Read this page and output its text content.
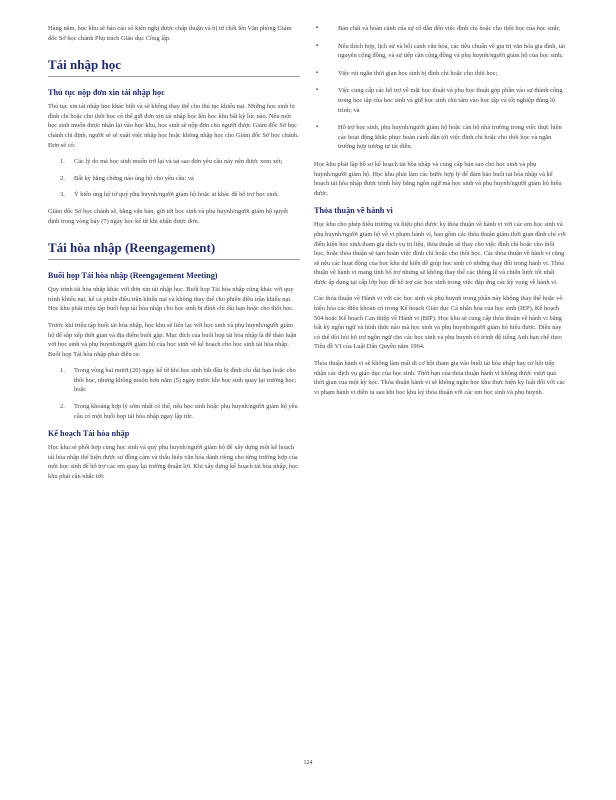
Hàng năm, học khu sẽ báo cáo số kiến nghị được chấp thuận và bị từ chối lên Văn phòng Giám đốc Sở học chánh Phụ trách Giáo dục Công lập.

Tái nhập học
Thủ tục nộp đơn xin tái nhập học

Thủ tục xin tái nhập học khác biệt và sẽ không thay thế cho thủ tục khiếu nại. Những học sinh bị đình chỉ hoặc cho thôi học có thể gửi đơn xin tái nhập học lên học khu bất kỳ lúc nào. Nếu một học sinh muốn được nhận lại vào học khu, học sinh sẽ nộp đơn cho người được Giám đốc Sở học chánh chỉ định, người sẽ sẽ xuất việc nhập học hoặc không nhập học cho Giám đốc Sở học chánh. Đơn sẽ có:

1. Các lý do mà học sinh muốn trở lại và tại sao đơn yêu cầu này nên được xem xét;
2. Bất kỳ bằng chứng nào ủng hộ cho yêu cầu; và
3. Ý kiến ủng hộ từ quý phụ huynh/người giám hộ hoặc ai khác để hỗ trợ học sinh.

Giám đốc Sở học chánh sẽ, bằng văn bản, gửi tới học sinh và phụ huynh/người giám hộ quyết định trong vòng bảy (7) ngày học kể từ khi nhận được đơn.

Tái hòa nhập (Reengagement)
Buổi họp Tái hòa nhập (Reengagement Meeting)

Quy trình tái hòa nhập khác với đơn xin tái nhập học. Buổi họp Tái hòa nhập cũng khác với quy trình khiếu nại, kể cả phiên điều trần khiếu nại và không thay thế cho phiên điều trần khiếu nại. Học khu phải triệu tập buổi họp tái hòa nhập cho học sinh bị đình chỉ dài hạn hoặc cho thôi học.

Trước khi triệu tập buổi tái hòa nhập, học khu sẽ liên lạc với học sinh và phụ huynh/người giám hộ để sắp xếp thời gian và địa điểm buổi gặp. Mục đích của buổi họp tái hòa nhập là để thảo luận với học sinh và phụ huynh/người giám hộ của học sinh về kế hoạch cho học sinh tái hòa nhập. Buổi họp Tái hòa nhập phải diễn ra:

1. Trong vòng hai mươi (20) ngày kể từ khi học sinh bắt đầu bị đình chỉ dài hạn hoặc cho thôi học, nhưng không muộn hơn năm (5) ngày trước khi học sinh quay lại trường học; hoặc
2. Trong khoảng hợp lý sớm nhất có thể, nếu học sinh hoặc phụ huynh/người giám hộ yêu cầu có một buổi họp tái hòa nhập ngay lập tức.
Kế hoạch Tái hòa nhập

Học khu sẽ phối hợp cùng học sinh và quý phụ huynh/người giám hộ để xây dựng một kế hoạch tái hòa nhập thể hiện được sự đồng cảm và thấu hiểu văn hóa dành riêng cho từng trường hợp của mỗi học sinh để hỗ trợ các em quay lại trường thuận lợi. Khi xây dựng kế hoạch tái hòa nhập, học khu phải cân nhắc tới:

▪	Bản chất và hoàn cảnh của sự cố dẫn đến việc đình chỉ hoặc cho thôi học của học sinh;
▪	Nếu thích hợp, lịch sử và bối cảnh văn hóa, các tiêu chuẩn về gia trị văn hóa gia đình, tài nguyên cộng đồng, và sự tiếp cận cộng đồng và phụ huynh/người giám hộ của học sinh;
▪	Việc rút ngắn thời gian học sinh bị đình chỉ hoặc cho thôi học;
▪	Việc cung cấp các hỗ trợ về mặt học thuật và phụ học thuật góp phần vào sự thành công trong học tập của học sinh và giữ học sinh chủ tâm vào học tập và tốt nghiệp đúng lộ trình; và
▪	Hỗ trợ học sinh, phụ huynh/người giám hộ hoặc cán bộ nhà trường trong việc thực hiện các hoạt động khắc phục hoàn cảnh dẫn tới việc đình chỉ hoặc cho thôi học và ngăn trường hợp tương tự tái diễn.

Học khu phải lập hồ sơ kế hoạch tái hòa nhập và cung cấp bản sao cho học sinh và phụ huynh/người giám hộ. Học khu phải làm các bước hợp lý để đảm bảo buổi tái hòa nhập và kế hoạch tái hòa nhập được trình bày bằng ngôn ngữ mà học sinh và phụ huynh/người giám hộ hiểu được.

Thỏa thuận về hành vi

Học khu cho phép hiểu trưởng và hiệu phó được ký thỏa thuận về hành vi với các em học sinh và phụ huynh/người giám hộ về vi phạm hành vi, bao gồm các thỏa thuận giảm thời gian đình chỉ với điều kiện học sinh tham gia dịch vụ trị liệu, thỏa thuận sẽ thay cho việc đình chỉ hoặc cho thôi học, hoặc thỏa thuận sẽ tạm hoãn việc đình chỉ hoặc cho thôi học. Các thỏa thuận về hành vi cũng sẽ nêu các hoạt động của học khu dự kiến để giúp học sinh có những thay đổi trong hành vi. Thỏa thuận về hành vi mang tính bổ trợ nhưng sẽ không thay thế các thông lệ và chiến lược tốt nhất được áp dụng tại cấp lớp học để hỗ trợ các học sinh trong việc đáp ứng các kỳ vọng về hành vi.

Các thỏa thuận về Hành vi với các học sinh và phụ huynh trong phần này không thay thế hoặc vô hiệu hóa các điều khoản có trong Kế hoạch Giáo dục Cá nhân hóa của học sinh (IEP), Kế hoạch 504 hoặc Kế hoạch Can thiệp về Hành vi (BIP). Học khu sẽ cung cấp thỏa thuận về hành vi bằng bất kỳ ngôn ngữ và hình thức nào mà học sinh và phụ huynh/người giám hộ hiểu được. Điều này có thể đòi hỏi hỗ trợ ngôn ngữ cho các học sinh và phụ huynh có trình độ tiếng Anh hạn chế theo Tiêu đề VI của Luật Dân Quyền năm 1964.

Thỏa thuận hành vi sẽ không làm mất đi cơ hội tham gia vào buổi tái hòa nhập hay cơ hội tiếp nhận các dịch vụ giáo dục của học sinh. Thời hạn của thỏa thuận hành vi không được vượt quá thời gian của một kỳ học. Thỏa thuận hành vi sẽ không ngăn học khu thực hiện kỷ luật đối với các vi phạm hành vi diễn ra sau khi học khu ký thỏa thuận với các em học sinh và phụ huynh.

124
